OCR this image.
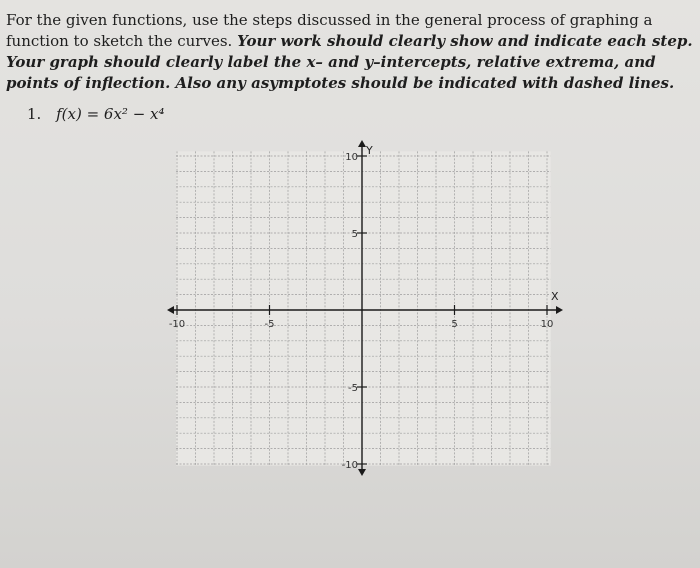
For the given functions, use the steps discussed in the general process of graphing a function to sketch the curves. Your work should clearly show and indicate each step. Your graph should clearly label the x– and y–intercepts, relative extrema, and points of inflection. Also any asymptotes should be indicated with dashed lines.

1. f(x) = 6x² − x⁴
X
Y
-10	-5	5	10
10
5
-5
-10
